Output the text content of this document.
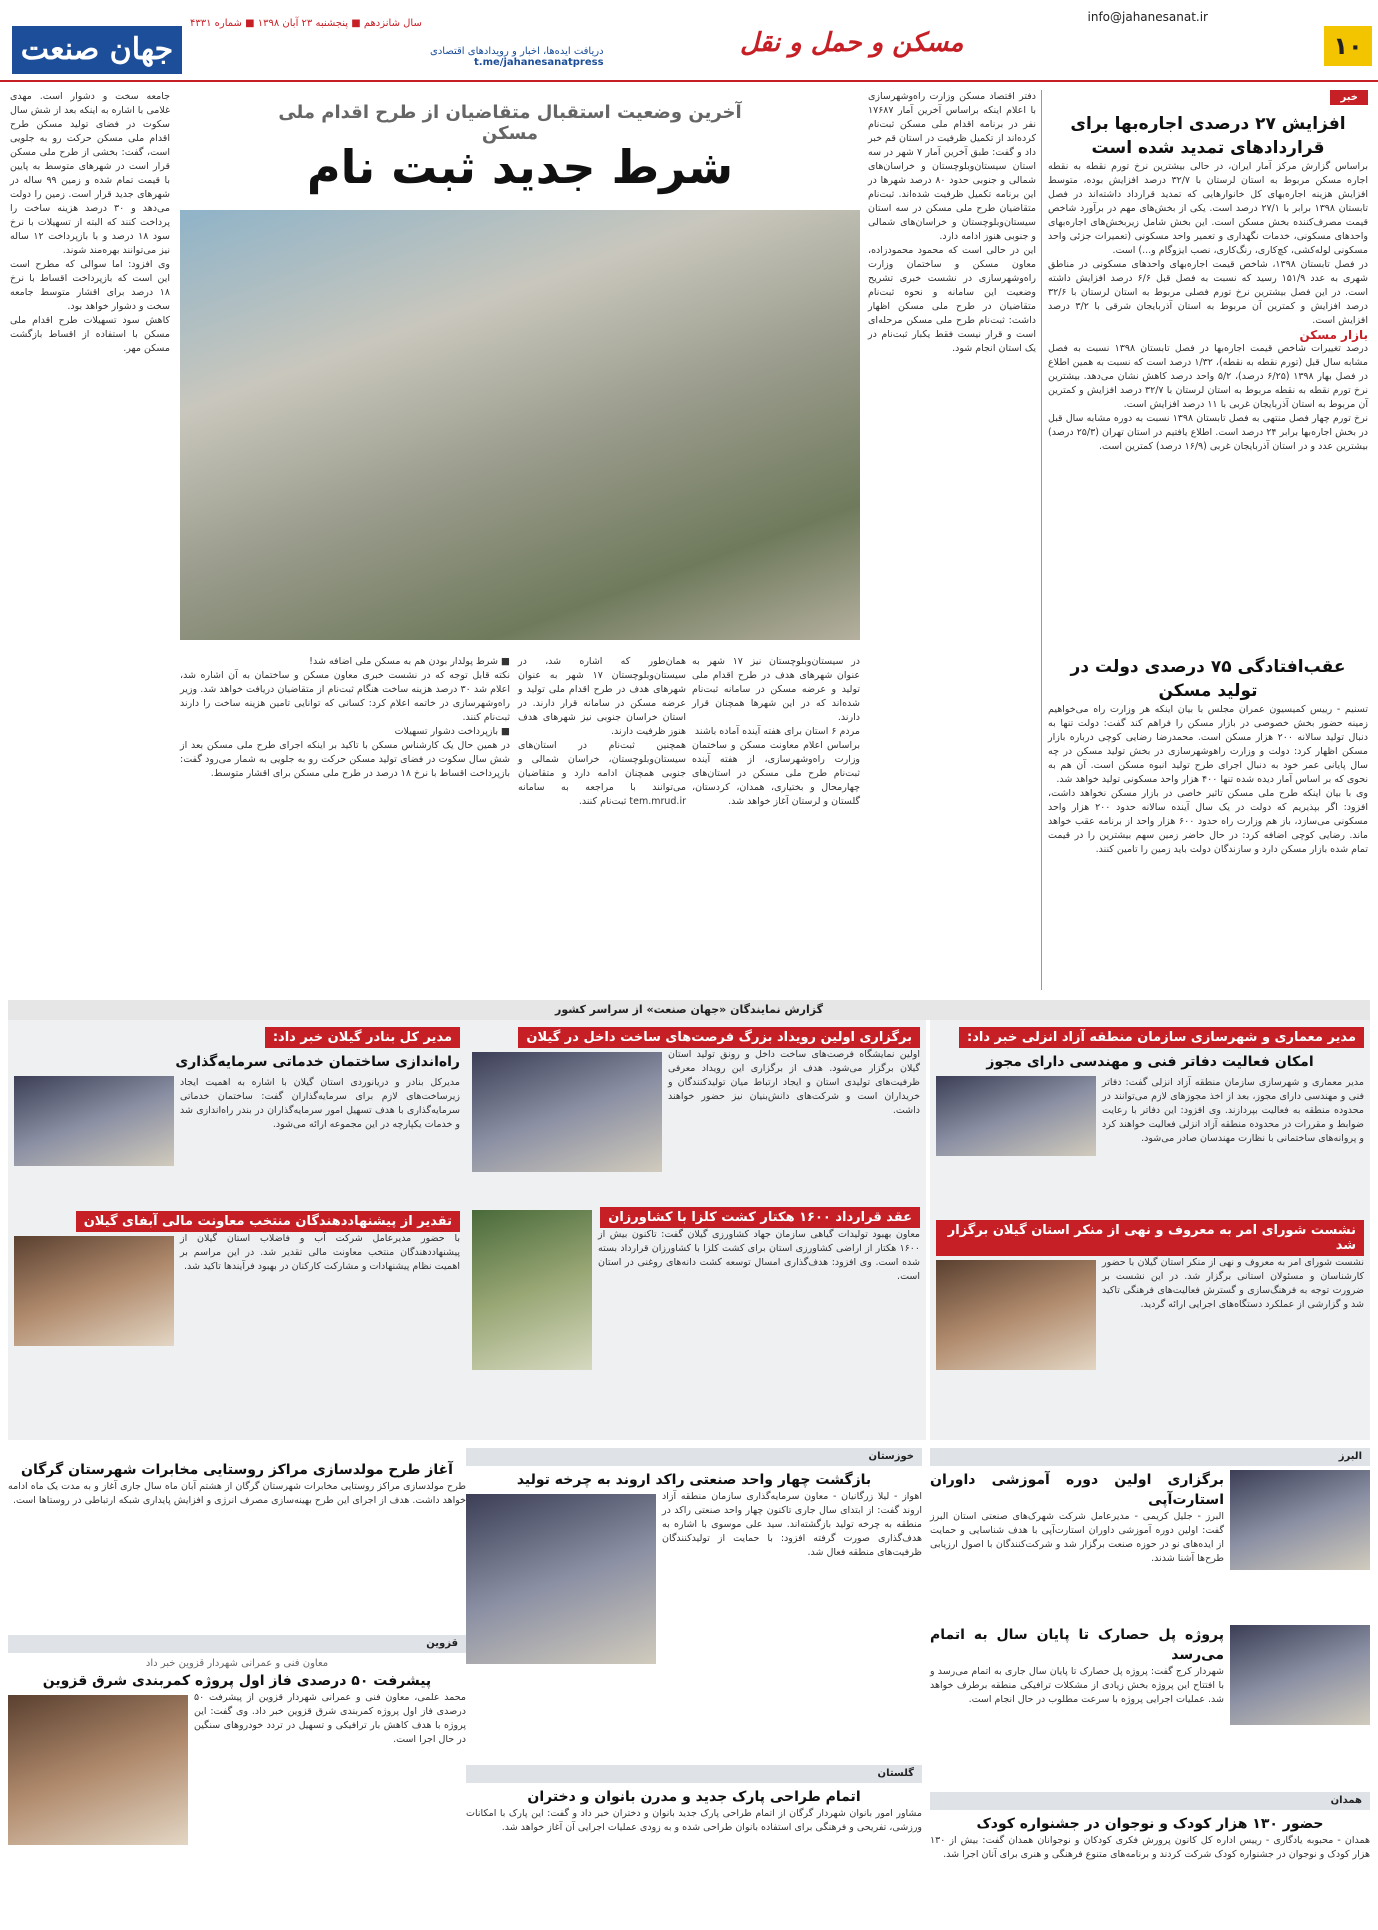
۱۰
info@jahanesanat.ir
مسکن و حمل و نقل
دریافت ایده‌ها، اخبار و رویدادهای اقتصادی
t.me/jahanesanatpress
سال شانزدهم ■ پنجشنبه ۲۳ آبان ۱۳۹۸ ■ شماره ۴۳۳۱
جهان صنعت
خبر
افزایش ۲۷ درصدی اجاره‌بها برای قراردادهای تمدید شده است

براساس گزارش مرکز آمار ایران، در حالی بیشترین نرخ تورم نقطه به نقطه اجاره مسکن مربوط به استان لرستان با ۳۲/۷ درصد افزایش بوده، متوسط افزایش هزینه اجاره‌بهای کل خانوارهایی که تمدید قرارداد داشته‌اند در فصل تابستان ۱۳۹۸ برابر با ۲۷/۱ درصد است. یکی از بخش‌های مهم در برآورد شاخص قیمت مصرف‌کننده بخش مسکن است. این بخش شامل زیربخش‌های اجاره‌بهای واحدهای مسکونی، خدمات نگهداری و تعمیر واحد مسکونی (تعمیرات جزئی واحد مسکونی لوله‌کشی، کچ‌کاری، رنگ‌کاری، نصب ایزوگام و...) است.

در فصل تابستان ۱۳۹۸، شاخص قیمت اجاره‌بهای واحدهای مسکونی در مناطق شهری به عدد ۱۵۱/۹ رسید که نسبت به فصل قبل ۶/۶ درصد افزایش داشته است. در این فصل بیشترین نرخ تورم فصلی مربوط به استان لرستان با ۳۲/۶ درصد افزایش و کمترین آن مربوط به استان آذربایجان شرقی با ۳/۲ درصد افزایش است.

بازار مسکن

درصد تغییرات شاخص قیمت اجاره‌بها در فصل تابستان ۱۳۹۸ نسبت به فصل مشابه سال قبل (تورم نقطه به نقطه)، ۱/۳۲ درصد است که نسبت به همین اطلاع در فصل بهار ۱۳۹۸ (۶/۲۵ درصد)، ۵/۲ واحد درصد کاهش نشان می‌دهد. بیشترین نرخ تورم نقطه به نقطه مربوط به استان لرستان با ۳۲/۷ درصد افزایش و کمترین آن مربوط به استان آذربایجان غربی با ۱۱ درصد افزایش است.

نرخ تورم چهار فصل منتهی به فصل تابستان ۱۳۹۸ نسبت به دوره مشابه سال قبل در بخش اجاره‌بها برابر ۲۴ درصد است. اطلاع یافتیم در استان تهران (۲۵/۳ درصد) بیشترین عدد و در استان آذربایجان غربی (۱۶/۹ درصد) کمترین است.

عقب‌افتادگی ۷۵ درصدی دولت در تولید مسکن

تسنیم - رییس کمیسیون عمران مجلس با بیان اینکه هر وزارت راه می‌خواهیم زمینه حضور بخش خصوصی در بازار مسکن را فراهم کند گفت: دولت تنها به دنبال تولید سالانه ۲۰۰ هزار مسکن است. محمدرضا رضایی کوچی درباره بازار مسکن اظهار کرد: دولت و وزارت راهوشهرسازی در بخش تولید مسکن در چه سال پایانی عمر خود به دنبال اجرای طرح تولید انبوه مسکن است. آن هم به نحوی که بر اساس آمار دیده شده تنها ۴۰۰ هزار واحد مسکونی تولید خواهد شد.

وی با بیان اینکه طرح ملی مسکن تاثیر خاصی در بازار مسکن نخواهد داشت، افزود: اگر بپذیریم که دولت در یک سال آینده سالانه حدود ۲۰۰ هزار واحد مسکونی می‌سازد، باز هم وزارت راه حدود ۶۰۰ هزار واحد از برنامه عقب خواهد ماند. رضایی کوچی اضافه کرد: در حال حاضر زمین سهم بیشترین را در قیمت تمام شده بازار مسکن دارد و سازندگان دولت باید زمین را تامین کنند.

آخرین وضعیت استقبال متقاضیان از طرح اقدام ملی مسکن
شرط جدید ثبت نام

دفتر اقتصاد مسکن وزارت راه‌وشهرسازی با اعلام اینکه براساس آخرین آمار ۱۷۶۸۷ نفر در برنامه اقدام ملی مسکن ثبت‌نام کرده‌اند از تکمیل ظرفیت در استان قم خبر داد و گفت: طبق آخرین آمار ۷ شهر در سه استان سیستان‌وبلوچستان و خراسان‌های شمالی و جنوبی حدود ۸۰ درصد شهرها در این برنامه تکمیل ظرفیت شده‌اند. ثبت‌نام متقاضیان طرح ملی مسکن در سه استان سیستان‌وبلوچستان و خراسان‌های شمالی و جنوبی هنوز ادامه دارد.
این در حالی است که محمود محمودزاده، معاون مسکن و ساختمان وزارت راه‌وشهرسازی در نشست خبری تشریح وضعیت این سامانه و نحوه ثبت‌نام متقاضیان در طرح ملی مسکن اظهار داشت: ثبت‌نام طرح ملی مسکن مرحله‌ای است و قرار نیست فقط یکبار ثبت‌نام در یک استان انجام شود.

جامعه سخت و دشوار است. مهدی غلامی با اشاره به اینکه بعد از شش سال سکوت در فضای تولید مسکن طرح اقدام ملی مسکن حرکت رو به جلویی است، گفت: بخشی از طرح ملی مسکن قرار است در شهرهای متوسط به پایین با قیمت تمام شده و زمین ۹۹ ساله در شهرهای جدید قرار است. زمین را دولت می‌دهد و ۳۰ درصد هزینه ساخت را پرداخت کنند که البته از تسهیلات با نرخ سود ۱۸ درصد و با بازپرداخت ۱۲ ساله نیز می‌توانند بهره‌مند شوند.
وی افزود: اما سوالی که مطرح است این است که بازپرداخت اقساط با نرخ ۱۸ درصد برای اقشار متوسط جامعه سخت و دشوار خواهد بود.
کاهش سود تسهیلات طرح اقدام ملی مسکن با استفاده از اقساط بازگشت مسکن مهر.

در سیستان‌وبلوچستان نیز ۱۷ شهر به عنوان شهرهای هدف در طرح اقدام ملی تولید و عرضه مسکن در سامانه ثبت‌نام شده‌اند که در این شهرها همچنان قرار دارند.
مردم ۶ استان برای هفته آینده آماده باشند
براساس اعلام معاونت مسکن و ساختمان وزارت راه‌وشهرسازی، از هفته آینده ثبت‌نام طرح ملی مسکن در استان‌های چهارمحال و بختیاری، همدان، کردستان، گلستان و لرستان آغاز خواهد شد.

همان‌طور که اشاره شد، در سیستان‌وبلوچستان ۱۷ شهر به عنوان شهرهای هدف در طرح اقدام ملی تولید و عرضه مسکن در سامانه قرار دارند. در استان خراسان جنوبی نیز شهرهای هدف هنوز ظرفیت دارند.
همچنین ثبت‌نام در استان‌های سیستان‌وبلوچستان، خراسان شمالی و جنوبی همچنان ادامه دارد و متقاضیان می‌توانند با مراجعه به سامانه tem.mrud.ir ثبت‌نام کنند.

■ شرط پولدار بودن هم به مسکن ملی اضافه شد!
نکته قابل توجه که در نشست خبری معاون مسکن و ساختمان به آن اشاره شد، اعلام شد ۳۰ درصد هزینه ساخت هنگام ثبت‌نام از متقاضیان دریافت خواهد شد. وزیر راه‌وشهرسازی در خاتمه اعلام کرد: کسانی که توانایی تامین هزینه ساخت را دارند ثبت‌نام کنند.
■ بازپرداخت دشوار تسهیلات
در همین حال یک کارشناس مسکن با تاکید بر اینکه اجرای طرح ملی مسکن بعد از شش سال سکوت در فضای تولید مسکن حرکت رو به جلویی به شمار می‌رود گفت: بازپرداخت اقساط با نرخ ۱۸ درصد در طرح ملی مسکن برای اقشار متوسط.

گزارش نمایندگان «جهان صنعت» از سراسر کشور
مدیر معماری و شهرسازی سازمان منطقه آزاد انزلی خبر داد:
امکان فعالیت دفاتر فنی و مهندسی دارای مجوز

مدیر معماری و شهرسازی سازمان منطقه آزاد انزلی گفت: دفاتر فنی و مهندسی دارای مجوز، بعد از اخذ مجوزهای لازم می‌توانند در محدوده منطقه به فعالیت بپردازند. وی افزود: این دفاتر با رعایت ضوابط و مقررات در محدوده منطقه آزاد انزلی فعالیت خواهند کرد و پروانه‌های ساختمانی با نظارت مهندسان صادر می‌شود.

نشست شورای امر به معروف و نهی از منکر استان گیلان برگزار شد

نشست شورای امر به معروف و نهی از منکر استان گیلان با حضور کارشناسان و مسئولان استانی برگزار شد. در این نشست بر ضرورت توجه به فرهنگ‌سازی و گسترش فعالیت‌های فرهنگی تاکید شد و گزارشی از عملکرد دستگاه‌های اجرایی ارائه گردید.

برگزاری اولین رویداد بزرگ فرصت‌های ساخت داخل در گیلان

اولین نمایشگاه فرصت‌های ساخت داخل و رونق تولید استان گیلان برگزار می‌شود. هدف از برگزاری این رویداد معرفی ظرفیت‌های تولیدی استان و ایجاد ارتباط میان تولیدکنندگان و خریداران است و شرکت‌های دانش‌بنیان نیز حضور خواهند داشت.

عقد قرارداد ۱۶۰۰ هکتار کشت کلزا با کشاورزان

معاون بهبود تولیدات گیاهی سازمان جهاد کشاورزی گیلان گفت: تاکنون بیش از ۱۶۰۰ هکتار از اراضی کشاورزی استان برای کشت کلزا با کشاورزان قرارداد بسته شده است. وی افزود: هدف‌گذاری امسال توسعه کشت دانه‌های روغنی در استان است.

مدیر کل بنادر گیلان خبر داد:
راه‌اندازی ساختمان خدماتی سرمایه‌گذاری

مدیرکل بنادر و دریانوردی استان گیلان با اشاره به اهمیت ایجاد زیرساخت‌های لازم برای سرمایه‌گذاران گفت: ساختمان خدماتی سرمایه‌گذاری با هدف تسهیل امور سرمایه‌گذاران در بندر راه‌اندازی شد و خدمات یکپارچه در این مجموعه ارائه می‌شود.

تقدیر از پیشنهاددهندگان منتخب معاونت مالی آبفای گیلان

با حضور مدیرعامل شرکت آب و فاضلاب استان گیلان از پیشنهاددهندگان منتخب معاونت مالی تقدیر شد. در این مراسم بر اهمیت نظام پیشنهادات و مشارکت کارکنان در بهبود فرآیندها تاکید شد.

البرز
برگزاری اولین دوره آموزشی داوران استارت‌آپی

البرز - جلیل کریمی - مدیرعامل شرکت شهرک‌های صنعتی استان البرز گفت: اولین دوره آموزشی داوران استارت‌آپی با هدف شناسایی و حمایت از ایده‌های نو در حوزه صنعت برگزار شد و شرکت‌کنندگان با اصول ارزیابی طرح‌ها آشنا شدند.

پروژه پل حصارک تا پایان سال به اتمام می‌رسد

شهردار کرج گفت: پروژه پل حصارک تا پایان سال جاری به اتمام می‌رسد و با افتتاح این پروژه بخش زیادی از مشکلات ترافیکی منطقه برطرف خواهد شد. عملیات اجرایی پروژه با سرعت مطلوب در حال انجام است.

همدان
حضور ۱۳۰ هزار کودک و نوجوان در جشنواره کودک

همدان - محبوبه یادگاری - رییس اداره کل کانون پرورش فکری کودکان و نوجوانان همدان گفت: بیش از ۱۳۰ هزار کودک و نوجوان در جشنواره کودک شرکت کردند و برنامه‌های متنوع فرهنگی و هنری برای آنان اجرا شد.

خوزستان
بازگشت چهار واحد صنعتی راکد اروند به چرخه تولید

اهواز - لیلا زرگانیان - معاون سرمایه‌گذاری سازمان منطقه آزاد اروند گفت: از ابتدای سال جاری تاکنون چهار واحد صنعتی راکد در منطقه به چرخه تولید بازگشته‌اند. سید علی موسوی با اشاره به هدف‌گذاری صورت گرفته افزود: با حمایت از تولیدکنندگان ظرفیت‌های منطقه فعال شد.

گلستان
اتمام طراحی پارک جدید و مدرن بانوان و دختران

مشاور امور بانوان شهردار گرگان از اتمام طراحی پارک جدید بانوان و دختران خبر داد و گفت: این پارک با امکانات ورزشی، تفریحی و فرهنگی برای استفاده بانوان طراحی شده و به زودی عملیات اجرایی آن آغاز خواهد شد.

آغاز طرح مولدسازی مراکز روستایی مخابرات شهرستان گرگان

طرح مولدسازی مراکز روستایی مخابرات شهرستان گرگان از هشتم آبان ماه سال جاری آغاز و به مدت یک ماه ادامه خواهد داشت. هدف از اجرای این طرح بهینه‌سازی مصرف انرژی و افزایش پایداری شبکه ارتباطی در روستاها است.

قزوین
معاون فنی و عمرانی شهردار قزوین خبر داد
پیشرفت ۵۰ درصدی فاز اول پروژه کمربندی شرق قزوین

محمد علمی، معاون فنی و عمرانی شهردار قزوین از پیشرفت ۵۰ درصدی فاز اول پروژه کمربندی شرق قزوین خبر داد. وی گفت: این پروژه با هدف کاهش بار ترافیکی و تسهیل در تردد خودروهای سنگین در حال اجرا است.
